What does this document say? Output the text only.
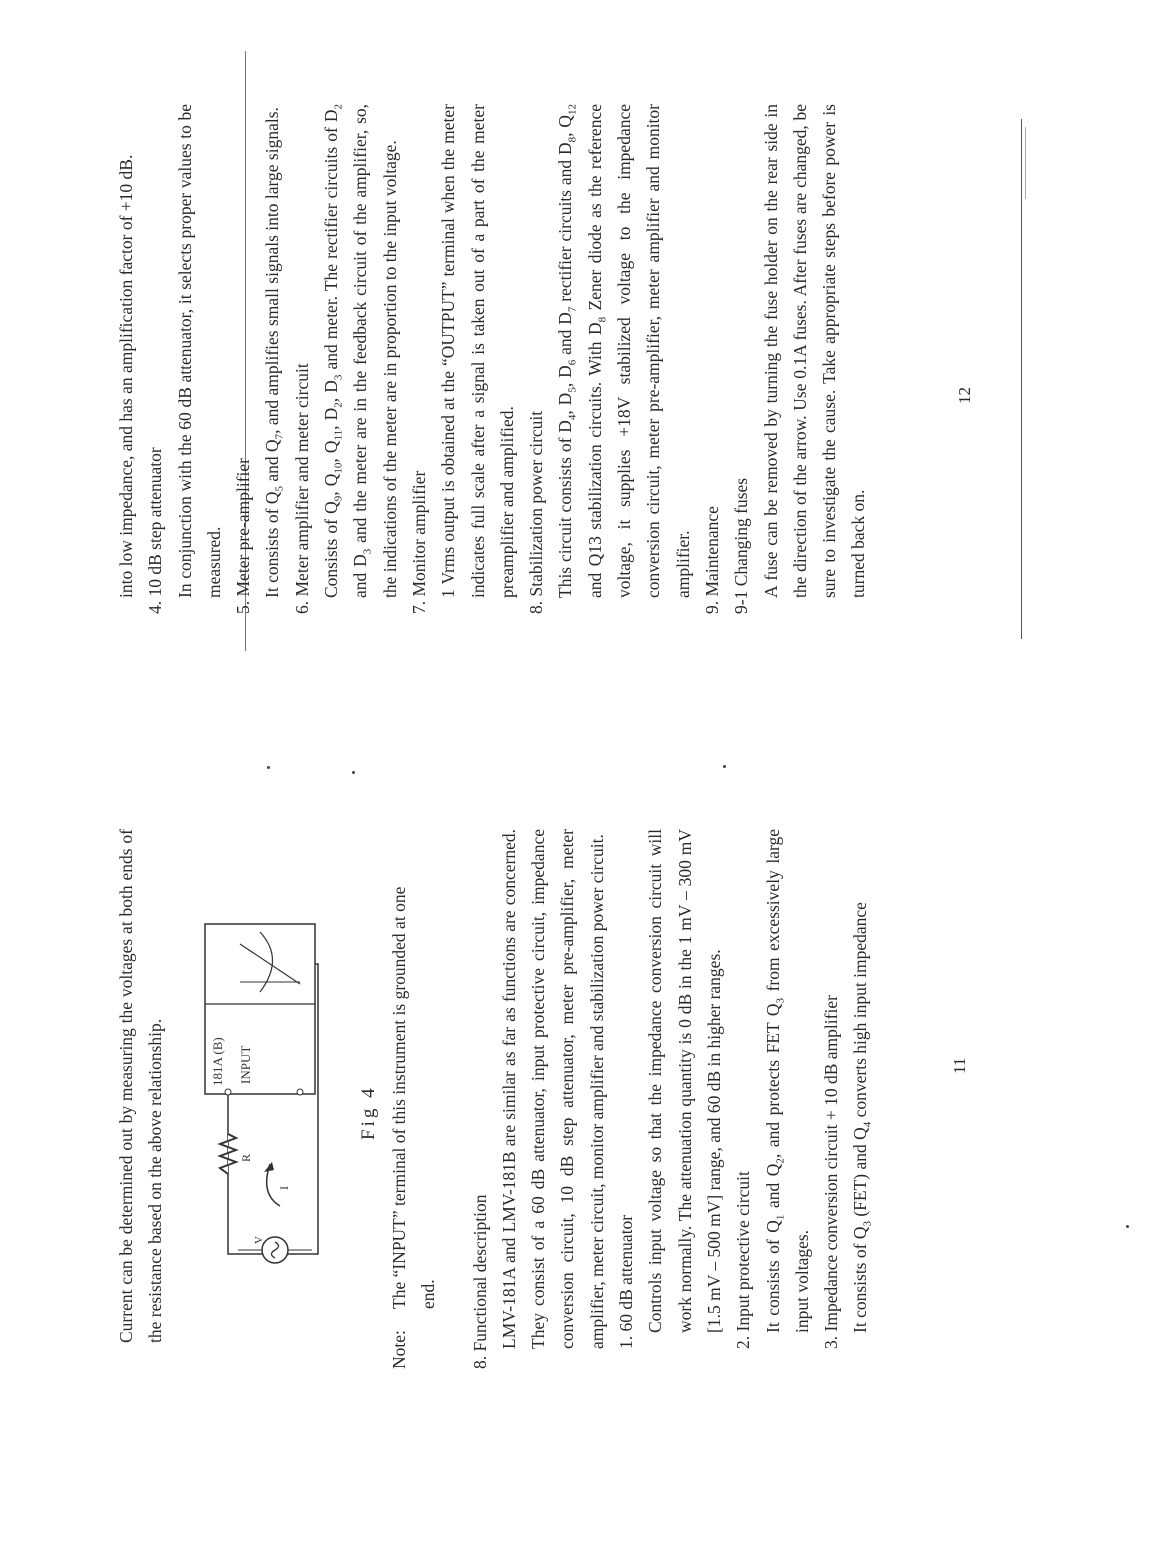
Current can be determined out by measuring the voltages at both ends of the resistance based on the above relationship.	R
I
V
181A (B) INPUT
Fig 4
Note:
The “INPUT” terminal of this instrument is grounded at one end.	8. Functional description LMV-181A and LMV-181B are similar as far as functions are concerned. They consist of a 60 dB attenuator, input protective circuit, impedance conversion circuit, 10 dB step attenuator, meter pre-amplifier, meter amplifier, meter circuit, monitor amplifier and stabilization power circuit. 1. 60 dB attenuator Controls input voltage so that the impedance conversion circuit will work normally. The attenuation quantity is 0 dB in the 1 mV – 300 mV [1.5 mV – 500 mV] range, and 60 dB in higher ranges. 2. Input protective circuit It consists of $Q_1$ and $Q_2$, and protects FET $Q_3$ from excessively large input voltages. 3. Impedance conversion circuit + 10 dB amplifier It consists of $Q_3$ (FET) and $Q_4$ converts high input impedance	11

into low impedance, and has an amplification factor of +10 dB. 4. 10 dB step attenuator In conjunction with the 60 dB attenuator, it selects proper values to be measured. 5. Meter pre-amplifier It consists of $Q_5$ and $Q_7$, and amplifies small signals into large signals.

6. Meter amplifier and meter circuit Consists of $Q_9$, $Q_{10}$, $Q_{11}$, $D_2$, $D_3$ and meter. The rectifier circuits of $D_2$ and $D_3$ and the meter are in the feedback circuit of the amplifier, so, the indications of the meter are in proportion to the input voltage. 7. Monitor amplifier 1 Vrms output is obtained at the “OUTPUT” terminal when the meter indicates full scale after a signal is taken out of a part of the meter preamplifier and amplified. 8. Stabilization power circuit This circuit consists of $D_4$, $D_5$, $D_6$ and $D_7$ rectifier circuits and $D_8$, $Q_{12}$ and Q13 stabilization circuits. With $D_8$ Zener diode as the reference voltage, it supplies +18V stabilized voltage to the impedance conversion circuit, meter pre-amplifier, meter amplifier and monitor amplifier. 9. Maintenance 9-1 Changing fuses A fuse can be removed by turning the fuse holder on the rear side in the direction of the arrow. Use 0.1A fuses. After fuses are changed, be sure to investigate the cause. Take appropriate steps before power is turned back on.

12
